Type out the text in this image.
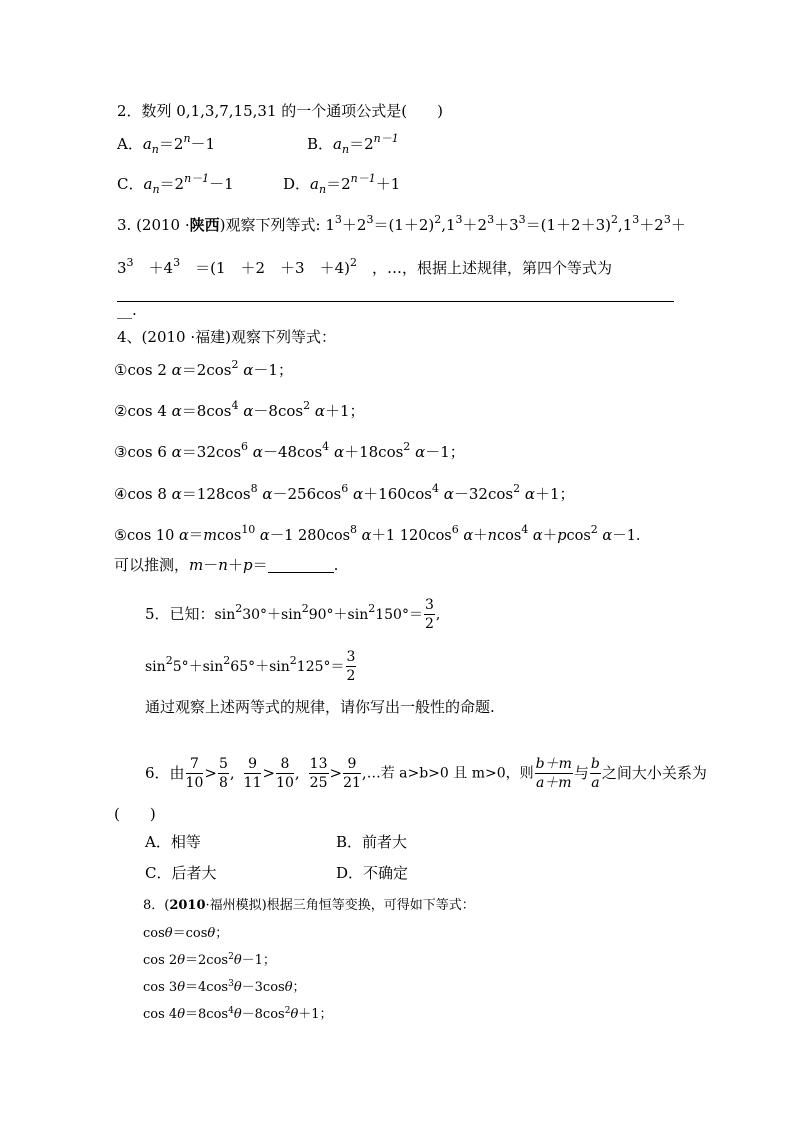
2．数列 0,1,3,7,15,31 的一个通项公式是(　　)
A．$a_n=2^n-1$	B．$a_n=2^{n-1}$
C．$a_n=2^{n-1}-1$	D．$a_n=2^{n-1}+1$
3. (2010 ·陕西)观察下列等式: $1^3+2^3=(1+2)^2,1^3+2^3+3^3=(1+2+3)^2,1^3+2^3+$
$3^3$　$+4^3$　＝(1　＋2　＋3　＋4)$^2$　，…，根据上述规律，第四个等式为
__.
4、(2010 ·福建)观察下列等式：
①cos 2 $\alpha=2\cos^2$ α－1；
②cos 4 $\alpha=8\cos^4$ $\alpha-8\cos^2$ α＋1；
③cos 6 $\alpha=32\cos^6$ $\alpha-48\cos^4$ $\alpha+18\cos^2$ α－1；
④cos 8 $\alpha=128\cos^8$ $\alpha-256\cos^6$ $\alpha+160\cos^4$ $\alpha-32\cos^2$ α＋1；
⑤cos 10 α＝mcos$^{10}$ α－1 $280\cos^8$ α＋1 $120\cos^6$ α＋ncos$^4$ α＋pcos$^2$ α－1.
可以推测，m－n＋p＝	.
5．已知：$\sin^230^\circ+\sin^290^\circ+\sin^2150^\circ= \frac{3}{2}$ ,
$\sin^25^\circ+\sin^265^\circ+\sin^2125^\circ= \frac{3}{2}$
通过观察上述两等式的规律，请你写出一般性的命题.
6．由 $\frac{7}{10} > \frac{5}{8}$ , $\frac{9}{11} > \frac{8}{10}$ , $\frac{13}{25} > \frac{9}{21}$ ,…若 a>b>0 且 m>0，则 $\frac{b+m}{a+m}$ 与 $\frac{b}{a}$ 之间大小关系为
(　　)
A．相等	B．前者大
C．后者大	D．不确定
8．(2010·福州模拟)根据三角恒等变换，可得如下等式：
cosθ＝cosθ；
$\cos 2\theta=2\cos^2\theta-1$；
$\cos 3\theta=4\cos^3\theta-3\cos\theta$；
$\cos 4\theta=8\cos^4\theta-8\cos^2\theta+1$；
